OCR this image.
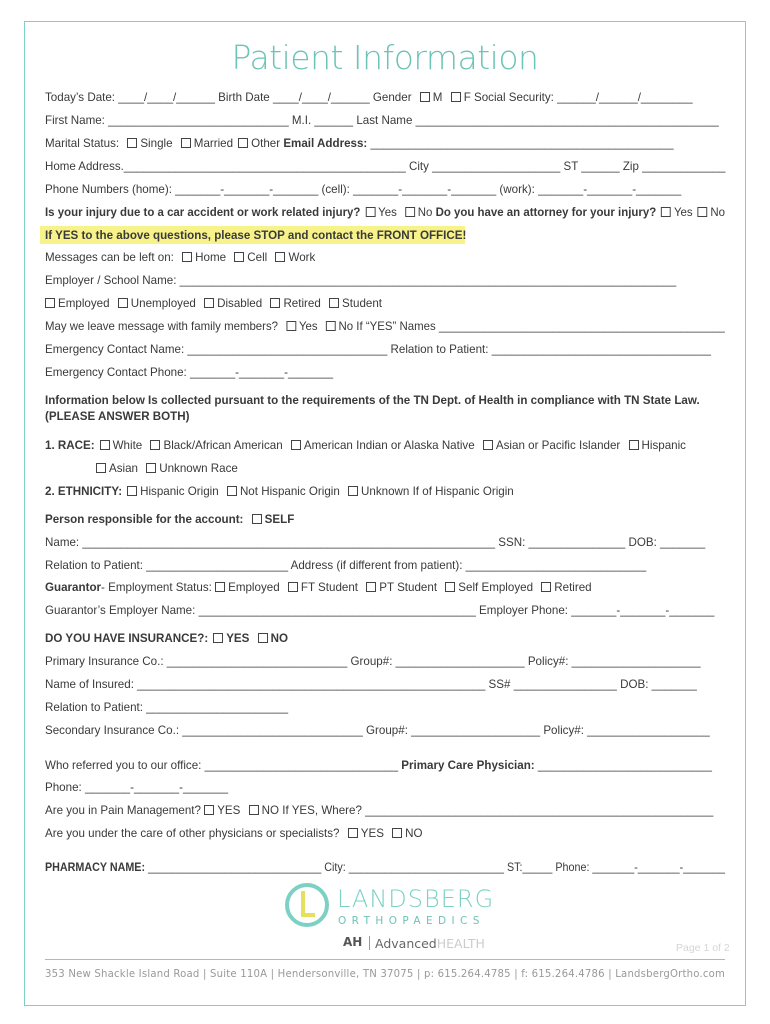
Patient Information
Today’s Date: ____/____/______ Birth Date ____/____/______ Gender M F Social Security: ______/______/________
First Name: ____________________________ M.I. ______ Last Name _______________________________________________
Marital Status: Single Married Other Email Address: _______________________________________________
Home Address.____________________________________________ City ____________________ ST ______ Zip _____________
Phone Numbers (home): _______-_______-_______ (cell): _______-_______-_______ (work): _______-_______-_______
Is your injury due to a car accident or work related injury? Yes No Do you have an attorney for your injury? Yes No
If YES to the above questions, please STOP and contact the FRONT OFFICE!
Messages can be left on: Home Cell Work
Employer / School Name: _____________________________________________________________________________
Employed Unemployed Disabled Retired Student
May we leave message with family members? Yes No If “YES” Names _____________________________________________
Emergency Contact Name: _______________________________ Relation to Patient: __________________________________
Emergency Contact Phone: _______-_______-_______
Information below Is collected pursuant to the requirements of the TN Dept. of Health in compliance with TN State Law.
(PLEASE ANSWER BOTH)
1. RACE: White Black/African American American Indian or Alaska Native Asian or Pacific Islander Hispanic
Asian Unknown Race
2. ETHNICITY: Hispanic Origin Not Hispanic Origin Unknown If of Hispanic Origin
Person responsible for the account: SELF
Name: ________________________________________________________________ SSN: _______________ DOB: _______
Relation to Patient: ______________________ Address (if different from patient): ____________________________
Guarantor- Employment Status: Employed FT Student PT Student Self Employed Retired
Guarantor’s Employer Name: ___________________________________________ Employer Phone: _______-_______-_______
DO YOU HAVE INSURANCE?: YES NO
Primary Insurance Co.: ____________________________ Group#: ____________________ Policy#: ____________________
Name of Insured: ______________________________________________________ SS# ________________ DOB: _______
Relation to Patient: ______________________
Secondary Insurance Co.: ____________________________ Group#: ____________________ Policy#: ___________________
Who referred you to our office: ______________________________ Primary Care Physician: ___________________________
Phone: _______-_______-_______
Are you in Pain Management? YES NO If YES, Where? ______________________________________________________
Are you under the care of other physicians or specialists? YES NO
PHARMACY NAME: _____________________________ City: __________________________ ST:_____ Phone: _______-_______-_______
LANDSBERG
ORTHOPAEDICS
AH AdvancedHEALTH	Page 1 of 2
353 New Shackle Island Road | Suite 110A | Hendersonville, TN 37075 | p: 615.264.4785 | f: 615.264.4786 | LandsbergOrtho.com
